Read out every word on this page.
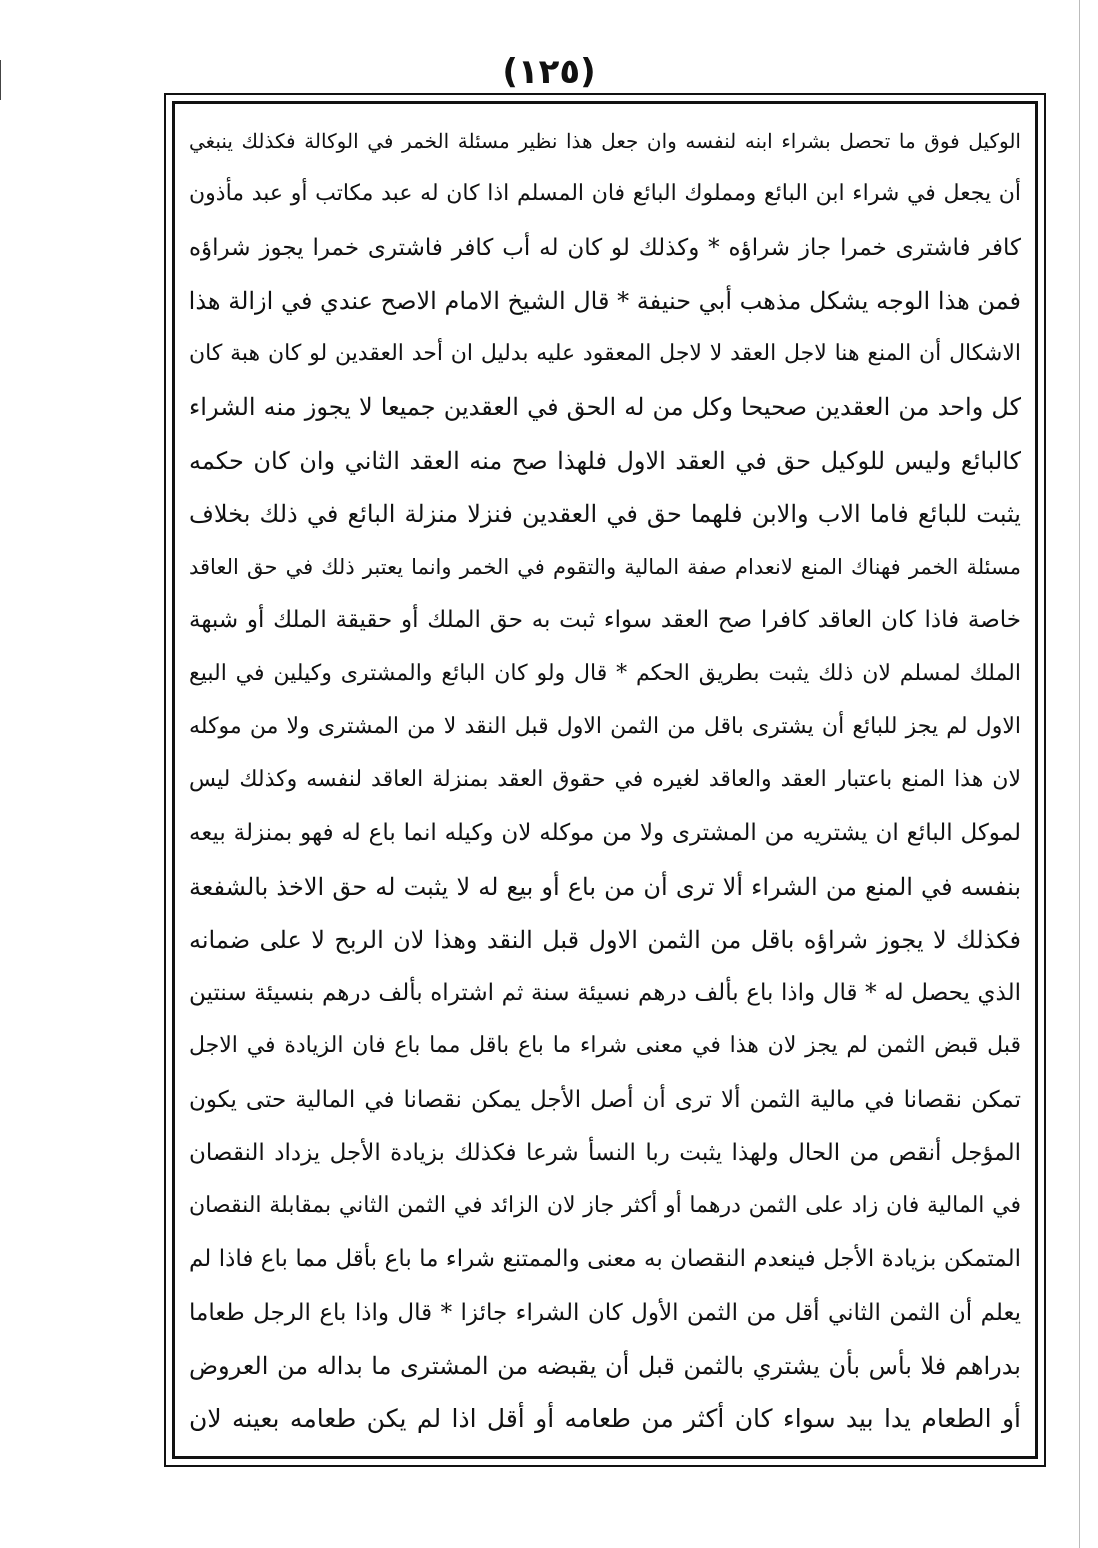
(١٢٥)
الوكيل فوق ما تحصل بشراء ابنه لنفسه وان جعل هذا نظير مسئلة الخمر في الوكالة فكذلك ينبغي
أن يجعل في شراء ابن البائع ومملوك البائع فان المسلم اذا كان له عبد مكاتب أو عبد مأذون
كافر فاشترى خمرا جاز شراؤه * وكذلك لو كان له أب كافر فاشترى خمرا يجوز شراؤه
فمن هذا الوجه يشكل مذهب أبي حنيفة * قال الشيخ الامام الاصح عندي في ازالة هذا
الاشكال أن المنع هنا لاجل العقد لا لاجل المعقود عليه بدليل ان أحد العقدين لو كان هبة كان
كل واحد من العقدين صحيحا وكل من له الحق في العقدين جميعا لا يجوز منه الشراء
كالبائع وليس للوكيل حق في العقد الاول فلهذا صح منه العقد الثاني وان كان حكمه
يثبت للبائع فاما الاب والابن فلهما حق في العقدين فنزلا منزلة البائع في ذلك بخلاف
مسئلة الخمر فهناك المنع لانعدام صفة المالية والتقوم في الخمر وانما يعتبر ذلك في حق العاقد
خاصة فاذا كان العاقد كافرا صح العقد سواء ثبت به حق الملك أو حقيقة الملك أو شبهة
الملك لمسلم لان ذلك يثبت بطريق الحكم * قال ولو كان البائع والمشترى وكيلين في البيع
الاول لم يجز للبائع أن يشترى باقل من الثمن الاول قبل النقد لا من المشترى ولا من موكله
لان هذا المنع باعتبار العقد والعاقد لغيره في حقوق العقد بمنزلة العاقد لنفسه وكذلك ليس
لموكل البائع ان يشتريه من المشترى ولا من موكله لان وكيله انما باع له فهو بمنزلة بيعه
بنفسه في المنع من الشراء ألا ترى أن من باع أو بيع له لا يثبت له حق الاخذ بالشفعة
فكذلك لا يجوز شراؤه باقل من الثمن الاول قبل النقد وهذا لان الربح لا على ضمانه
الذي يحصل له * قال واذا باع بألف درهم نسيئة سنة ثم اشتراه بألف درهم بنسيئة سنتين
قبل قبض الثمن لم يجز لان هذا في معنى شراء ما باع باقل مما باع فان الزيادة في الاجل
تمكن نقصانا في مالية الثمن ألا ترى أن أصل الأجل يمكن نقصانا في المالية حتى يكون
المؤجل أنقص من الحال ولهذا يثبت ربا النسأ شرعا فكذلك بزيادة الأجل يزداد النقصان
في المالية فان زاد على الثمن درهما أو أكثر جاز لان الزائد في الثمن الثاني بمقابلة النقصان
المتمكن بزيادة الأجل فينعدم النقصان به معنى والممتنع شراء ما باع بأقل مما باع فاذا لم
يعلم أن الثمن الثاني أقل من الثمن الأول كان الشراء جائزا * قال واذا باع الرجل طعاما
بدراهم فلا بأس بأن يشتري بالثمن قبل أن يقبضه من المشترى ما بداله من العروض
أو الطعام يدا بيد سواء كان أكثر من طعامه أو أقل اذا لم يكن طعامه بعينه لان
